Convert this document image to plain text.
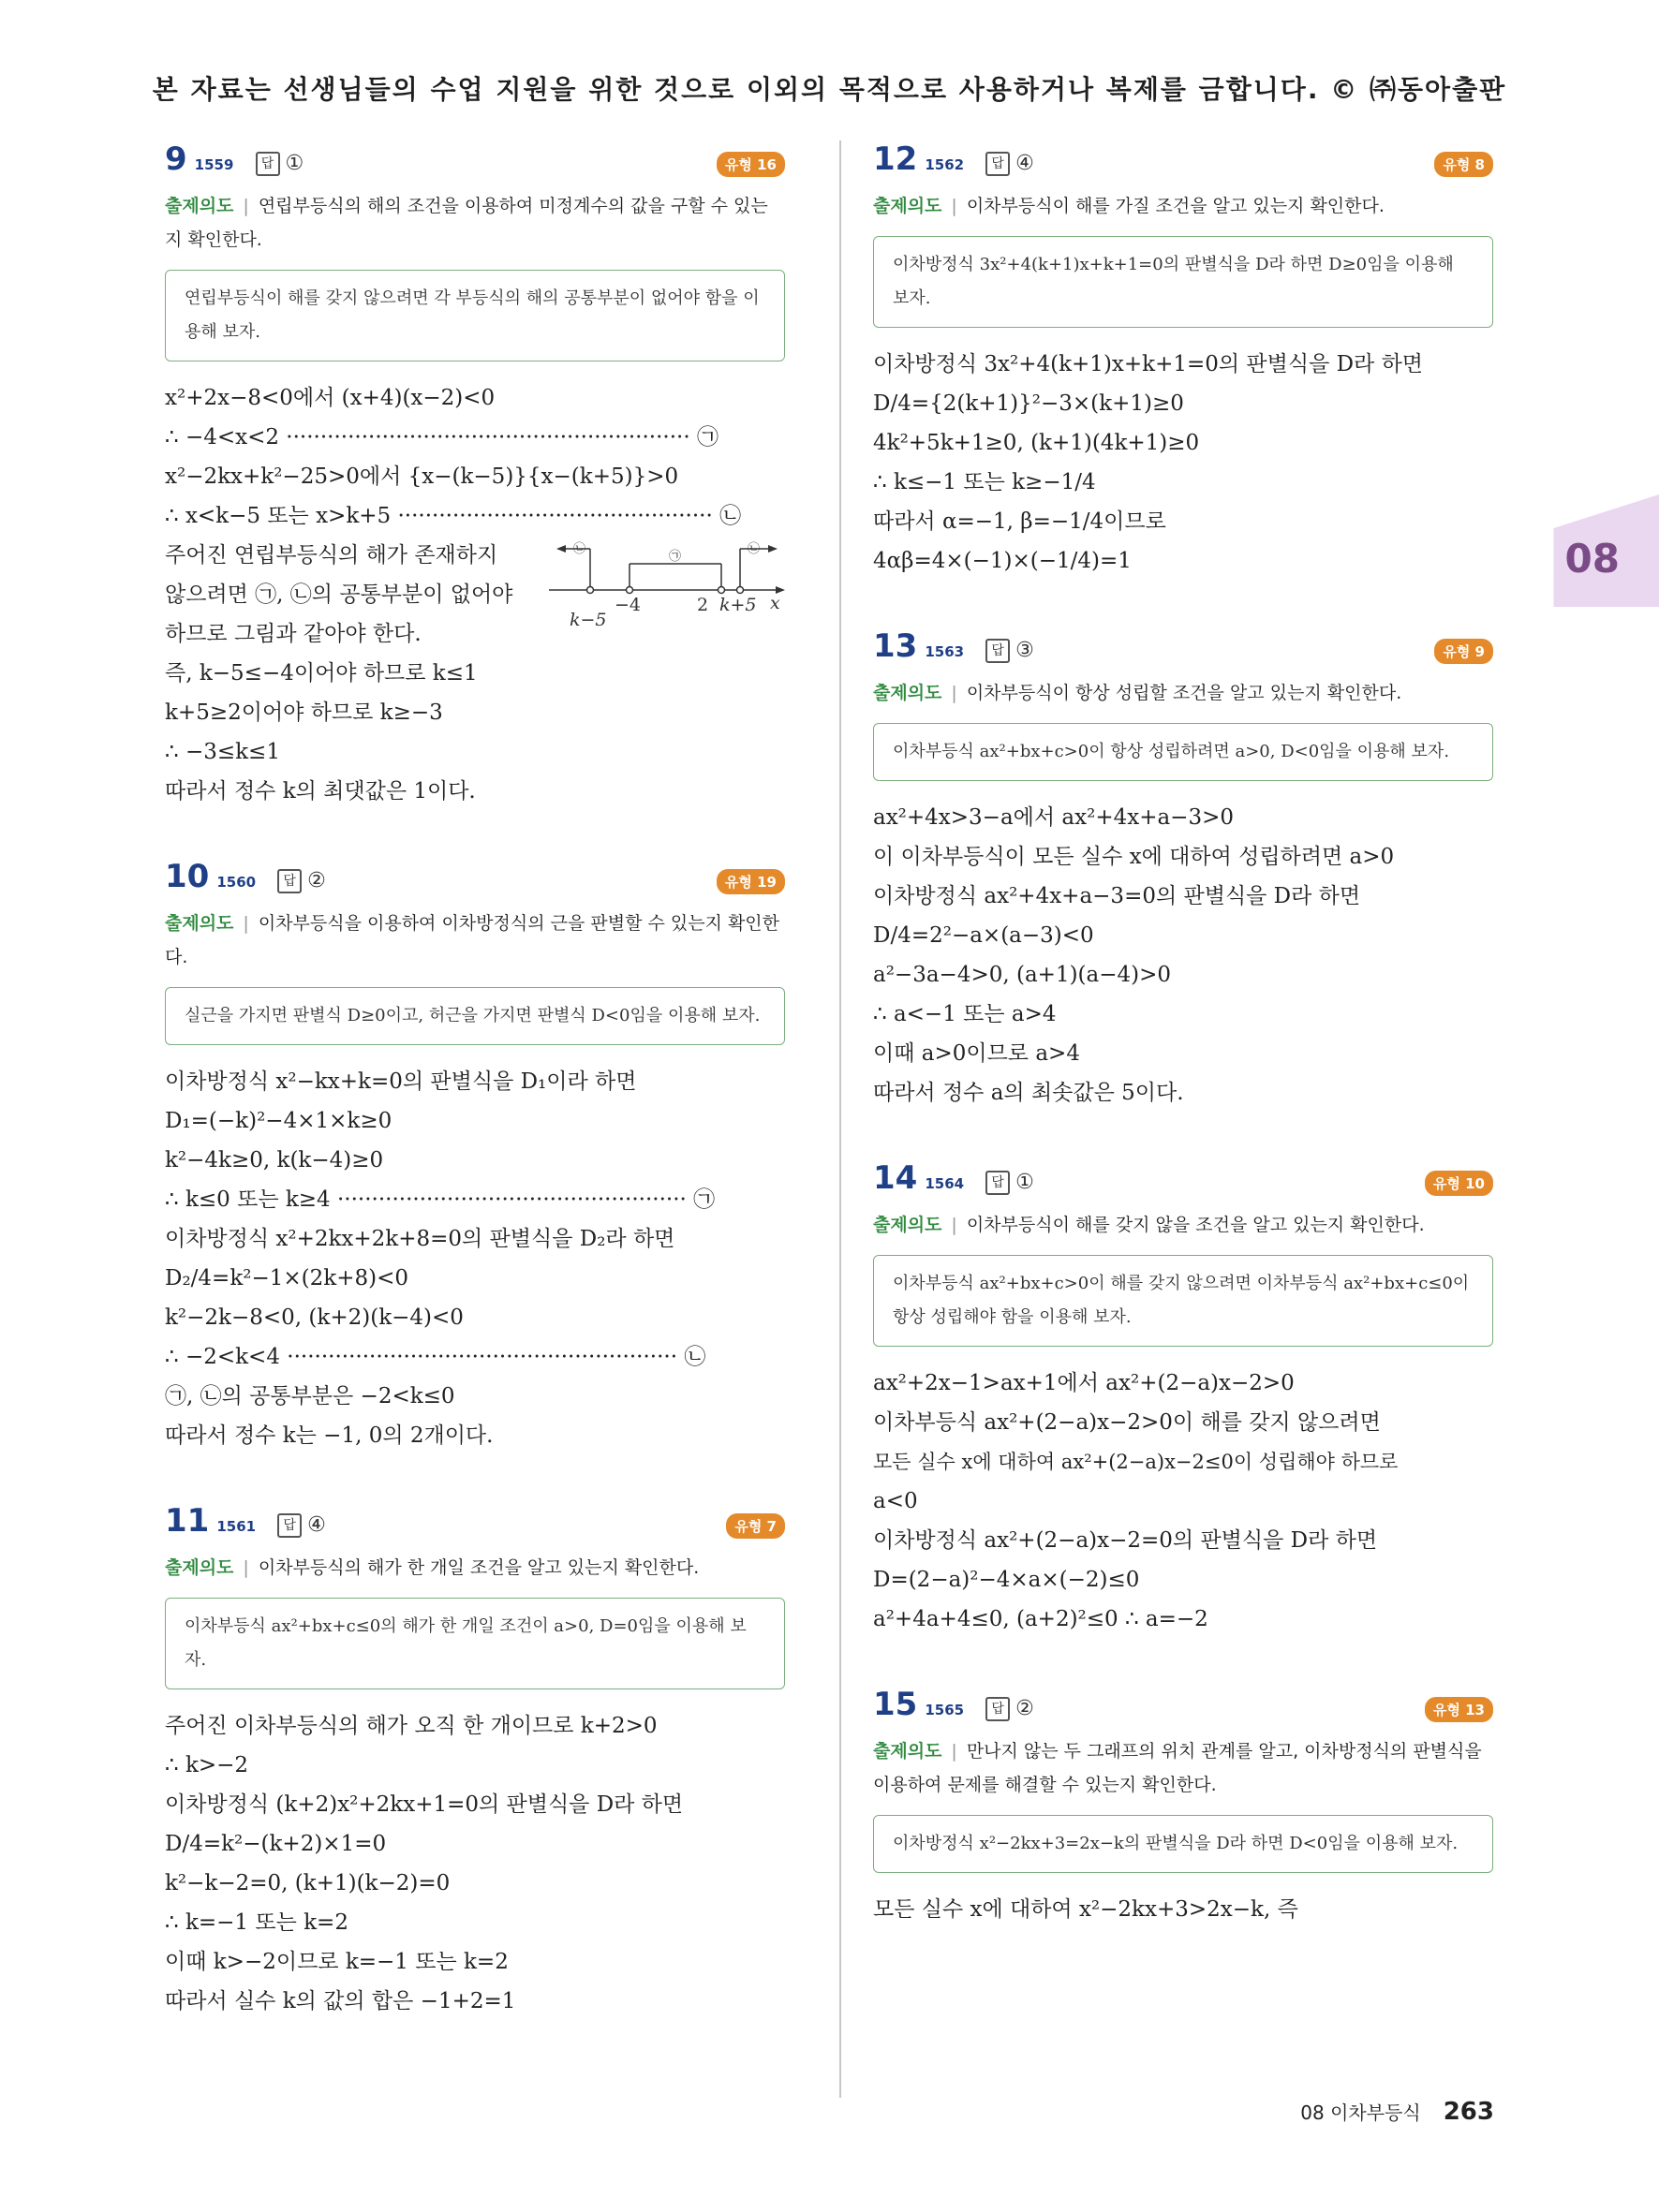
본 자료는 선생님들의 수업 지원을 위한 것으로 이외의 목적으로 사용하거나 복제를 금합니다. © ㈜동아출판
08
9 1559 답 ①	유형 16
출제의도 | 연립부등식의 해의 조건을 이용하여 미정계수의 값을 구할 수 있는지 확인한다.
연립부등식이 해를 갖지 않으려면 각 부등식의 해의 공통부분이 없어야 함을 이용해 보자.
x²+2x−8<0에서 (x+4)(x−2)<0
∴ −4<x<2 ··························································· ㉠
x²−2kx+k²−25>0에서 {x−(k−5)}{x−(k+5)}>0
∴ x<k−5 또는 x>k+5 ·············································· ㉡
주어진 연립부등식의 해가 존재하지
않으려면 ㉠, ㉡의 공통부분이 없어야
하므로 그림과 같아야 한다.
㉡
㉠
㉡
k−5
−4	2 k+5 x
즉, k−5≤−4이어야 하므로 k≤1
k+5≥2이어야 하므로 k≥−3
∴ −3≤k≤1
따라서 정수 k의 최댓값은 1이다.
10 1560 답 ②	유형 19
출제의도 | 이차부등식을 이용하여 이차방정식의 근을 판별할 수 있는지 확인한다.
실근을 가지면 판별식 D≥0이고, 허근을 가지면 판별식 D<0임을 이용해 보자.
이차방정식 x²−kx+k=0의 판별식을 D₁이라 하면
D₁=(−k)²−4×1×k≥0
k²−4k≥0, k(k−4)≥0
∴ k≤0 또는 k≥4 ··················································· ㉠
이차방정식 x²+2kx+2k+8=0의 판별식을 D₂라 하면
D₂/4=k²−1×(2k+8)<0
k²−2k−8<0, (k+2)(k−4)<0
∴ −2<k<4 ························································· ㉡
㉠, ㉡의 공통부분은 −2<k≤0
따라서 정수 k는 −1, 0의 2개이다.
11 1561 답 ④	유형 7
출제의도 | 이차부등식의 해가 한 개일 조건을 알고 있는지 확인한다.
이차부등식 ax²+bx+c≤0의 해가 한 개일 조건이 a>0, D=0임을 이용해 보자.
주어진 이차부등식의 해가 오직 한 개이므로 k+2>0
∴ k>−2
이차방정식 (k+2)x²+2kx+1=0의 판별식을 D라 하면
D/4=k²−(k+2)×1=0
k²−k−2=0, (k+1)(k−2)=0
∴ k=−1 또는 k=2
이때 k>−2이므로 k=−1 또는 k=2
따라서 실수 k의 값의 합은 −1+2=1
12 1562 답 ④	유형 8
출제의도 | 이차부등식이 해를 가질 조건을 알고 있는지 확인한다.
이차방정식 3x²+4(k+1)x+k+1=0의 판별식을 D라 하면 D≥0임을 이용해 보자.
이차방정식 3x²+4(k+1)x+k+1=0의 판별식을 D라 하면
D/4={2(k+1)}²−3×(k+1)≥0
4k²+5k+1≥0, (k+1)(4k+1)≥0
∴ k≤−1 또는 k≥−1/4
따라서 α=−1, β=−1/4이므로
4αβ=4×(−1)×(−1/4)=1
13 1563 답 ③	유형 9
출제의도 | 이차부등식이 항상 성립할 조건을 알고 있는지 확인한다.
이차부등식 ax²+bx+c>0이 항상 성립하려면 a>0, D<0임을 이용해 보자.
ax²+4x>3−a에서 ax²+4x+a−3>0
이 이차부등식이 모든 실수 x에 대하여 성립하려면 a>0
이차방정식 ax²+4x+a−3=0의 판별식을 D라 하면
D/4=2²−a×(a−3)<0
a²−3a−4>0, (a+1)(a−4)>0
∴ a<−1 또는 a>4
이때 a>0이므로 a>4
따라서 정수 a의 최솟값은 5이다.
14 1564 답 ①	유형 10
출제의도 | 이차부등식이 해를 갖지 않을 조건을 알고 있는지 확인한다.
이차부등식 ax²+bx+c>0이 해를 갖지 않으려면 이차부등식 ax²+bx+c≤0이 항상 성립해야 함을 이용해 보자.
ax²+2x−1>ax+1에서 ax²+(2−a)x−2>0
이차부등식 ax²+(2−a)x−2>0이 해를 갖지 않으려면
모든 실수 x에 대하여 ax²+(2−a)x−2≤0이 성립해야 하므로
a<0
이차방정식 ax²+(2−a)x−2=0의 판별식을 D라 하면
D=(2−a)²−4×a×(−2)≤0
a²+4a+4≤0, (a+2)²≤0 ∴ a=−2
15 1565 답 ②	유형 13
출제의도 | 만나지 않는 두 그래프의 위치 관계를 알고, 이차방정식의 판별식을 이용하여 문제를 해결할 수 있는지 확인한다.
이차방정식 x²−2kx+3=2x−k의 판별식을 D라 하면 D<0임을 이용해 보자.
모든 실수 x에 대하여 x²−2kx+3>2x−k, 즉
08 이차부등식 263
